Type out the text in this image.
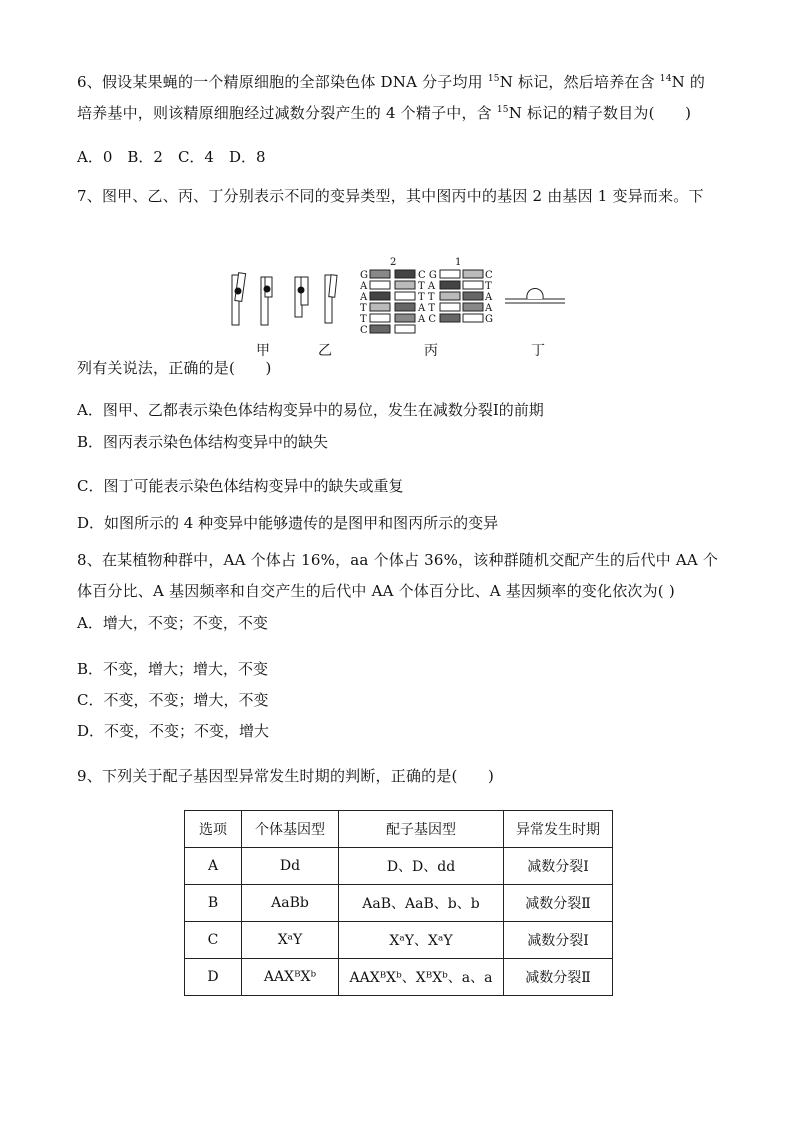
6、假设某果蝇的一个精原细胞的全部染色体 DNA 分子均用 $^{15}$N 标记，然后培养在含 $^{14}$N 的
培养基中，则该精原细胞经过减数分裂产生的 4 个精子中，含 $^{15}$N 标记的精子数目为(　　)
A．0　B．2　C．4　D．8
7、图甲、乙、丙、丁分别表示不同的变异类型，其中图丙中的基因 2 由基因 1 变异而来。下
2	1
G	C G	C
A	T A	T
A	T T	A
T	A T	A
T	A C	G
C
甲	乙	丙	丁
列有关说法，正确的是(　　)
A．图甲、乙都表示染色体结构变异中的易位，发生在减数分裂Ⅰ的前期
B．图丙表示染色体结构变异中的缺失
C．图丁可能表示染色体结构变异中的缺失或重复
D．如图所示的 4 种变异中能够遗传的是图甲和图丙所示的变异
8、在某植物种群中，AA 个体占 16%，aa 个体占 36%，该种群随机交配产生的后代中 AA 个
体百分比、A 基因频率和自交产生的后代中 AA 个体百分比、A 基因频率的变化依次为( )
A．增大，不变；不变，不变
B．不变，增大；增大，不变
C．不变，不变；增大，不变
D．不变，不变；不变，增大
9、下列关于配子基因型异常发生时期的判断，正确的是(　　)
选项	个体基因型	配子基因型	异常发生时期
A	Dd	D、D、dd	减数分裂Ⅰ
B	AaBb	AaB、AaB、b、b	减数分裂Ⅱ
C	XᵃY	XᵃY、XᵃY	减数分裂Ⅰ
D	AAXᴮXᵇ	AAXᴮXᵇ、XᴮXᵇ、a、a	减数分裂Ⅱ
